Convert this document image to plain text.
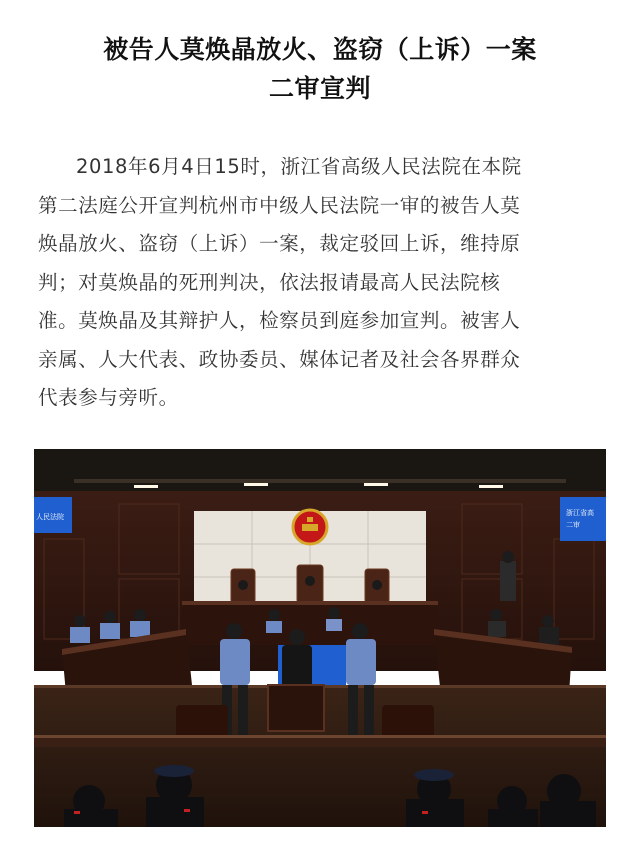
被告人莫焕晶放火、盗窃（上诉）一案
二审宣判
2018年6月4日15时，浙江省高级人民法院在本院
第二法庭公开宣判杭州市中级人民法院一审的被告人莫
焕晶放火、盗窃（上诉）一案，裁定驳回上诉，维持原
判；对莫焕晶的死刑判决，依法报请最高人民法院核
准。莫焕晶及其辩护人，检察员到庭参加宣判。被害人
亲属、人大代表、政协委员、媒体记者及社会各界群众
代表参与旁听。
人民法院	浙江省高
二审
